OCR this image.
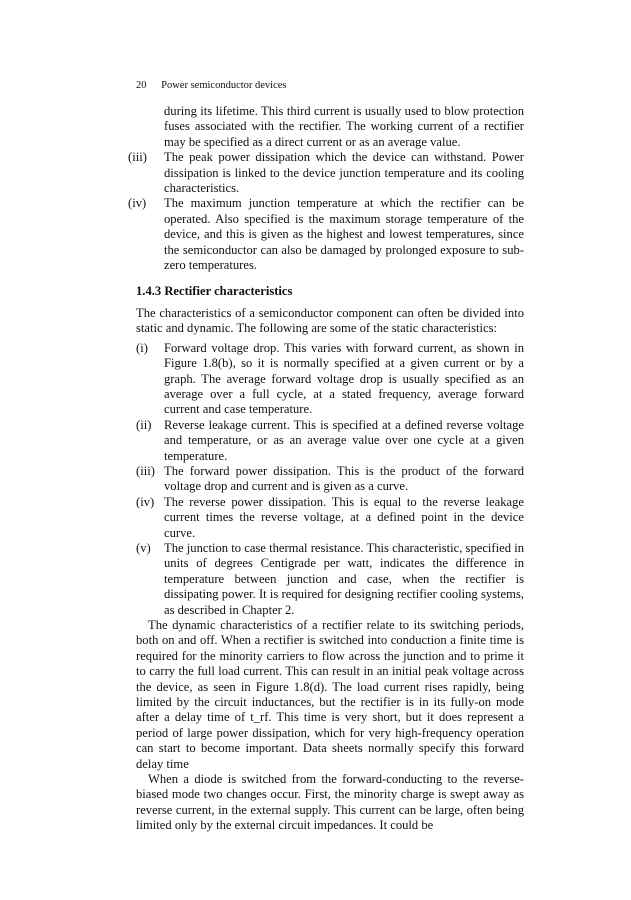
20 Power semiconductor devices

during its lifetime. This third current is usually used to blow protection fuses associated with the rectifier. The working current of a rectifier may be specified as a direct current or as an average value.

(iii) The peak power dissipation which the device can withstand. Power dissipation is linked to the device junction temperature and its cooling characteristics.
(iv) The maximum junction temperature at which the rectifier can be operated. Also specified is the maximum storage temperature of the device, and this is given as the highest and lowest temperatures, since the semiconductor can also be damaged by prolonged exposure to sub-zero temperatures.
1.4.3 Rectifier characteristics

The characteristics of a semiconductor component can often be divided into static and dynamic. The following are some of the static characteristics:

(i) Forward voltage drop. This varies with forward current, as shown in Figure 1.8(b), so it is normally specified at a given current or by a graph. The average forward voltage drop is usually specified as an average over a full cycle, at a stated frequency, average forward current and case temperature.
(ii) Reverse leakage current. This is specified at a defined reverse voltage and temperature, or as an average value over one cycle at a given temperature.
(iii) The forward power dissipation. This is the product of the forward voltage drop and current and is given as a curve.
(iv) The reverse power dissipation. This is equal to the reverse leakage current times the reverse voltage, at a defined point in the device curve.
(v) The junction to case thermal resistance. This characteristic, specified in units of degrees Centigrade per watt, indicates the difference in temperature between junction and case, when the rectifier is dissipating power. It is required for designing rectifier cooling systems, as described in Chapter 2.

The dynamic characteristics of a rectifier relate to its switching periods, both on and off. When a rectifier is switched into conduction a finite time is required for the minority carriers to flow across the junction and to prime it to carry the full load current. This can result in an initial peak voltage across the device, as seen in Figure 1.8(d). The load current rises rapidly, being limited by the circuit inductances, but the rectifier is in its fully-on mode after a delay time of t_rf. This time is very short, but it does represent a period of large power dissipation, which for very high-frequency operation can start to become important. Data sheets normally specify this forward delay time

When a diode is switched from the forward-conducting to the reverse-biased mode two changes occur. First, the minority charge is swept away as reverse current, in the external supply. This current can be large, often being limited only by the external circuit impedances. It could be
